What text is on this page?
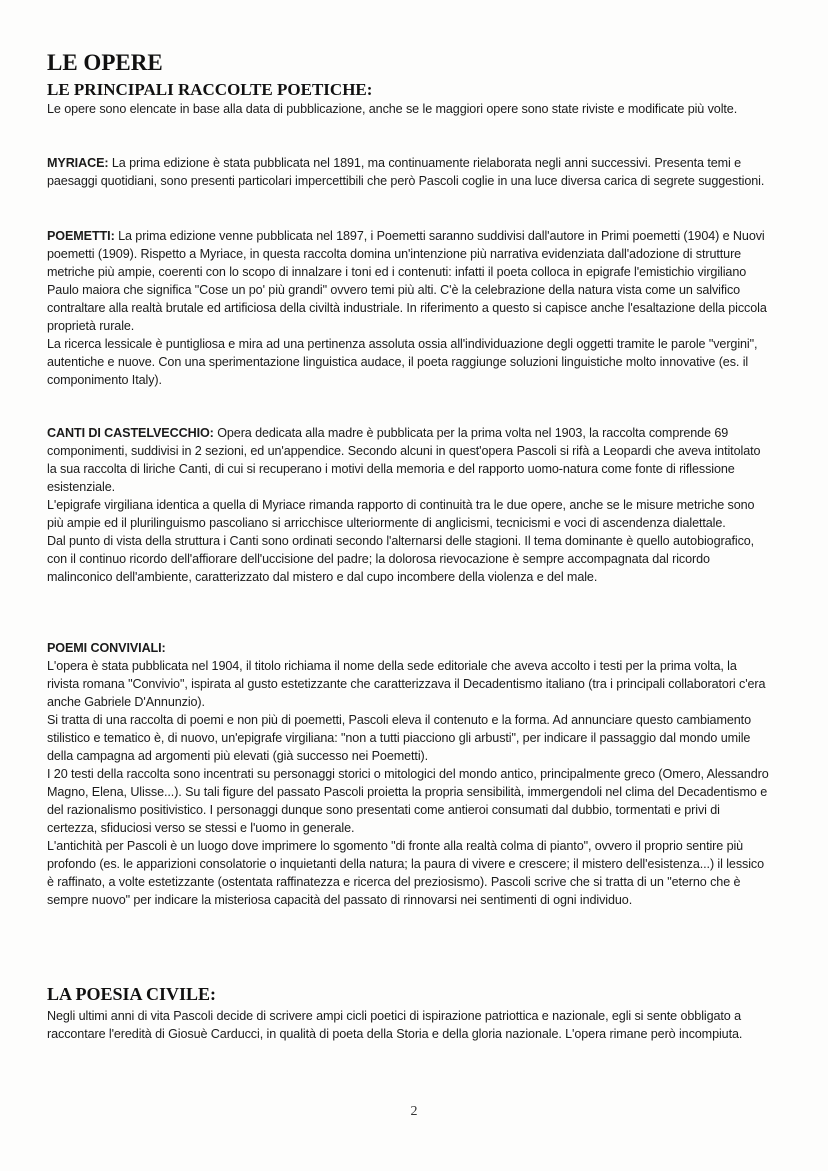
LE OPERE
LE PRINCIPALI RACCOLTE POETICHE:

Le opere sono elencate in base alla data di pubblicazione, anche se le maggiori opere sono state riviste e modificate più volte.

MYRIACE: La prima edizione è stata pubblicata nel 1891, ma continuamente rielaborata negli anni successivi. Presenta temi e paesaggi quotidiani, sono presenti particolari impercettibili che però Pascoli coglie in una luce diversa carica di segrete suggestioni.

POEMETTI: La prima edizione venne pubblicata nel 1897, i Poemetti saranno suddivisi dall'autore in Primi poemetti (1904) e Nuovi poemetti (1909). Rispetto a Myriace, in questa raccolta domina un'intenzione più narrativa evidenziata dall'adozione di strutture metriche più ampie, coerenti con lo scopo di innalzare i toni ed i contenuti: infatti il poeta colloca in epigrafe l'emistichio virgiliano Paulo maiora che significa "Cose un po' più grandi" ovvero temi più alti. C'è la celebrazione della natura vista come un salvifico contraltare alla realtà brutale ed artificiosa della civiltà industriale. In riferimento a questo si capisce anche l'esaltazione della piccola proprietà rurale.
La ricerca lessicale è puntigliosa e mira ad una pertinenza assoluta ossia all'individuazione degli oggetti tramite le parole "vergini", autentiche e nuove. Con una sperimentazione linguistica audace, il poeta raggiunge soluzioni linguistiche molto innovative (es. il componimento Italy).
CANTI DI CASTELVECCHIO: Opera dedicata alla madre è pubblicata per la prima volta nel 1903, la raccolta comprende 69 componimenti, suddivisi in 2 sezioni, ed un'appendice. Secondo alcuni in quest'opera Pascoli si rifà a Leopardi che aveva intitolato la sua raccolta di liriche Canti, di cui si recuperano i motivi della memoria e del rapporto uomo-natura come fonte di riflessione esistenziale.
L'epigrafe virgiliana identica a quella di Myriace rimanda rapporto di continuità tra le due opere, anche se le misure metriche sono più ampie ed il plurilinguismo pascoliano si arricchisce ulteriormente di anglicismi, tecnicismi e voci di ascendenza dialettale.
Dal punto di vista della struttura i Canti sono ordinati secondo l'alternarsi delle stagioni. Il tema dominante è quello autobiografico, con il continuo ricordo dell'affiorare dell'uccisione del padre; la dolorosa rievocazione è sempre accompagnata dal ricordo malinconico dell'ambiente, caratterizzato dal mistero e dal cupo incombere della violenza e del male.

POEMI CONVIVIALI:

L'opera è stata pubblicata nel 1904, il titolo richiama il nome della sede editoriale che aveva accolto i testi per la prima volta, la rivista romana "Convivio", ispirata al gusto estetizzante che caratterizzava il Decadentismo italiano (tra i principali collaboratori c'era anche Gabriele D'Annunzio).
Si tratta di una raccolta di poemi e non più di poemetti, Pascoli eleva il contenuto e la forma. Ad annunciare questo cambiamento stilistico e tematico è, di nuovo, un'epigrafe virgiliana: "non a tutti piacciono gli arbusti", per indicare il passaggio dal mondo umile della campagna ad argomenti più elevati (già successo nei Poemetti).
I 20 testi della raccolta sono incentrati su personaggi storici o mitologici del mondo antico, principalmente greco (Omero, Alessandro Magno, Elena, Ulisse...). Su tali figure del passato Pascoli proietta la propria sensibilità, immergendoli nel clima del Decadentismo e del razionalismo positivistico. I personaggi dunque sono presentati come antieroi consumati dal dubbio, tormentati e privi di certezza, sfiduciosi verso se stessi e l'uomo in generale.
L'antichità per Pascoli è un luogo dove imprimere lo sgomento "di fronte alla realtà colma di pianto", ovvero il proprio sentire più profondo (es. le apparizioni consolatorie o inquietanti della natura; la paura di vivere e crescere; il mistero dell'esistenza...) il lessico è raffinato, a volte estetizzante (ostentata raffinatezza e ricerca del preziosismo). Pascoli scrive che si tratta di un "eterno che è sempre nuovo" per indicare la misteriosa capacità del passato di rinnovarsi nei sentimenti di ogni individuo.
LA POESIA CIVILE:

Negli ultimi anni di vita Pascoli decide di scrivere ampi cicli poetici di ispirazione patriottica e nazionale, egli si sente obbligato a raccontare l'eredità di Giosuè Carducci, in qualità di poeta della Storia e della gloria nazionale. L'opera rimane però incompiuta.

2
